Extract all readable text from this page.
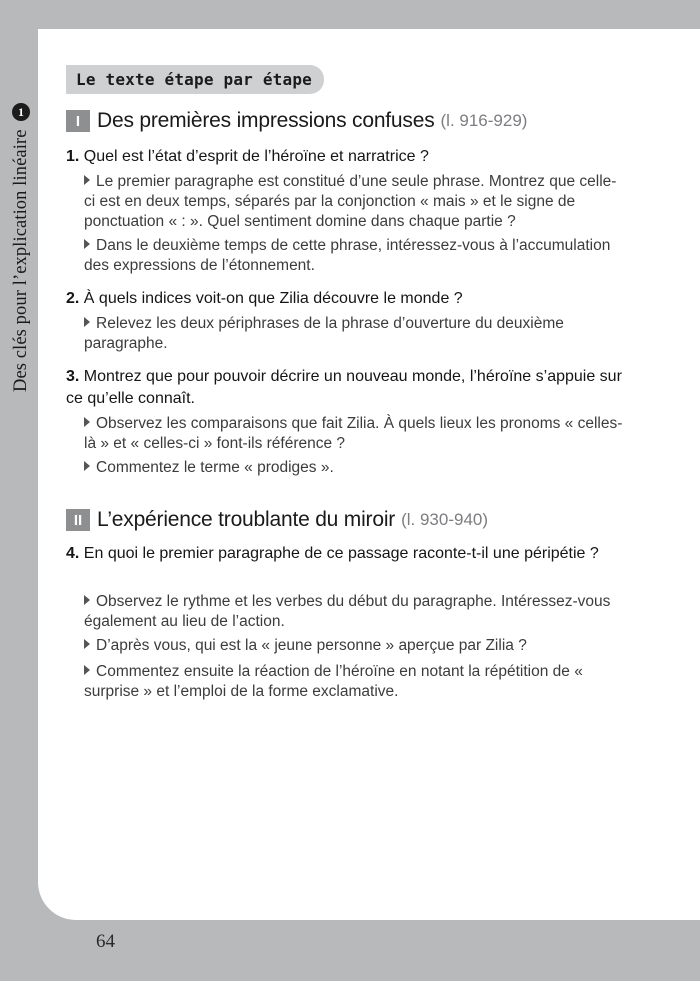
Des clés pour l’explication linéaire
1
Le texte étape par étape
I Des premières impressions confuses (l. 916-929)
1. Quel est l’état d’esprit de l’héroïne et narratrice ?
Le premier paragraphe est constitué d’une seule phrase. Montrez que celle-ci est en deux temps, séparés par la conjonction « mais » et le signe de ponctuation « : ». Quel sentiment domine dans chaque partie ?
Dans le deuxième temps de cette phrase, intéressez-vous à l’accumulation des expressions de l’étonnement.
2. À quels indices voit-on que Zilia découvre le monde ?
Relevez les deux périphrases de la phrase d’ouverture du deuxième paragraphe.
3. Montrez que pour pouvoir décrire un nouveau monde, l’héroïne s’appuie sur ce qu’elle connaît.
Observez les comparaisons que fait Zilia. À quels lieux les pronoms « celles-là » et « celles-ci » font-ils référence ?
Commentez le terme « prodiges ».
II L’expérience troublante du miroir (l. 930-940)
4. En quoi le premier paragraphe de ce passage raconte-t-il une péripétie ?
Observez le rythme et les verbes du début du paragraphe. Intéressez-vous également au lieu de l’action.
D’après vous, qui est la « jeune personne » aperçue par Zilia ?
Commentez ensuite la réaction de l’héroïne en notant la répétition de « surprise » et l’emploi de la forme exclamative.
64
